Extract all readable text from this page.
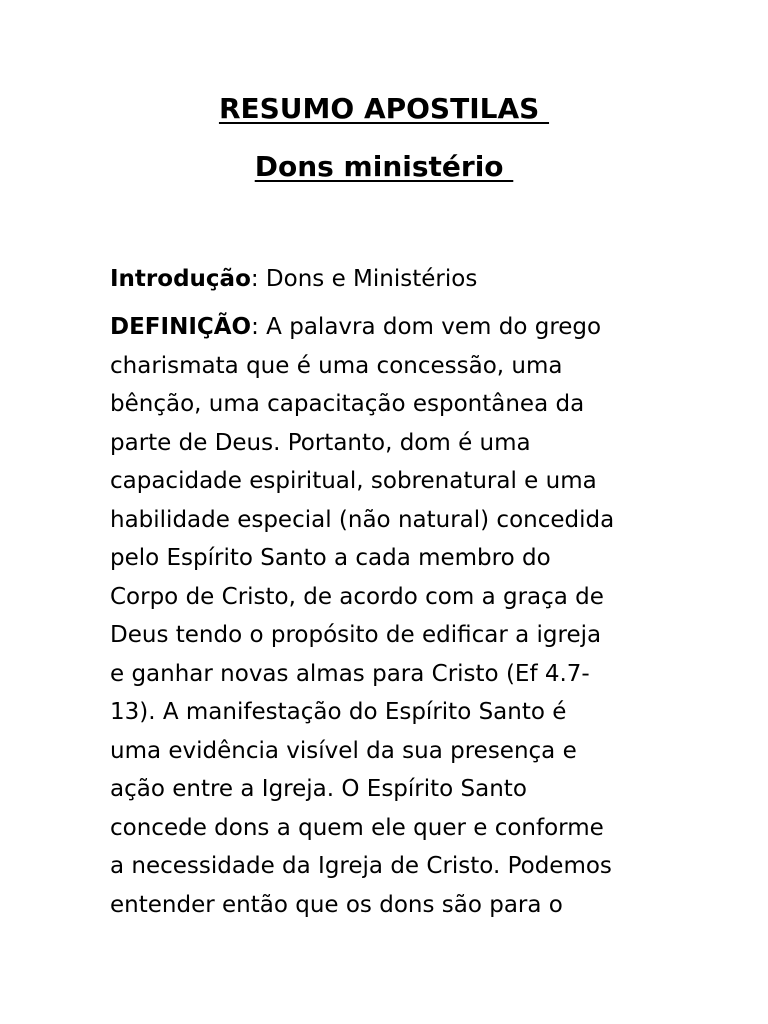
RESUMO APOSTILAS
Dons ministério
Introdução: Dons e Ministérios
DEFINIÇÃO: A palavra dom vem do grego
charismata que é uma concessão, uma
bênção, uma capacitação espontânea da
parte de Deus. Portanto, dom é uma
capacidade espiritual, sobrenatural e uma
habilidade especial (não natural) concedida
pelo Espírito Santo a cada membro do
Corpo de Cristo, de acordo com a graça de
Deus tendo o propósito de edificar a igreja
e ganhar novas almas para Cristo (Ef 4.7-
13). A manifestação do Espírito Santo é
uma evidência visível da sua presença e
ação entre a Igreja. O Espírito Santo
concede dons a quem ele quer e conforme
a necessidade da Igreja de Cristo. Podemos
entender então que os dons são para o
